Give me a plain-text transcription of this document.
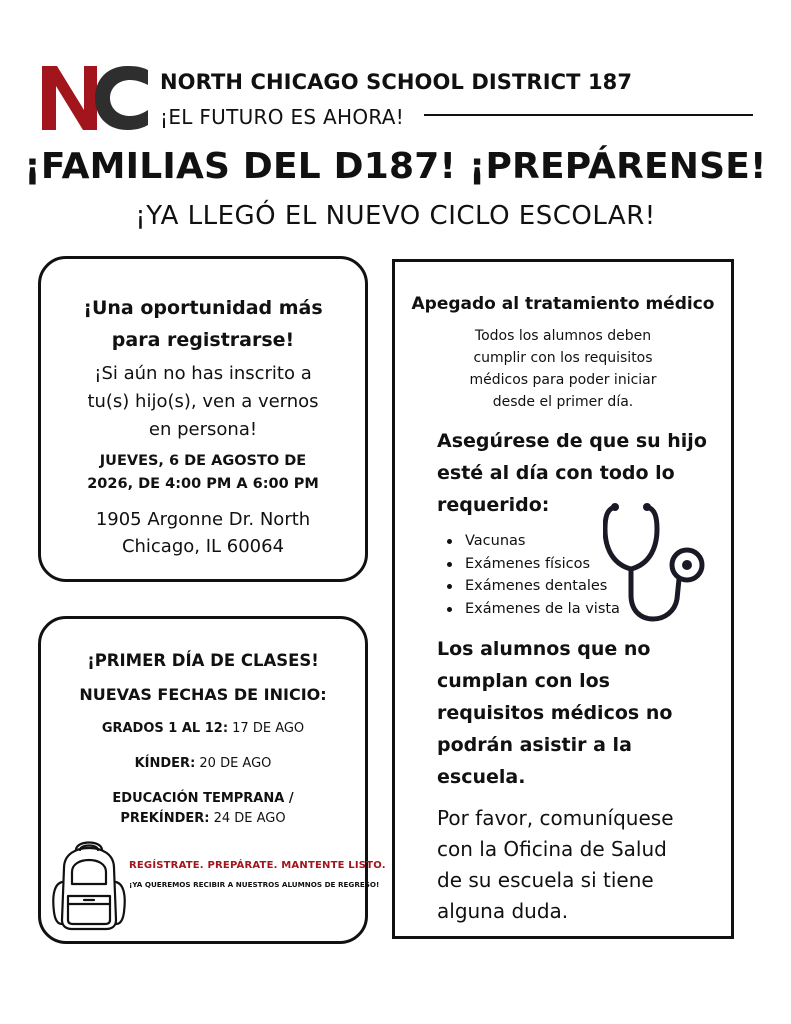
NORTH CHICAGO SCHOOL DISTRICT 187
¡EL FUTURO ES AHORA!
¡FAMILIAS DEL D187! ¡PREPÁRENSE!
¡YA LLEGÓ EL NUEVO CICLO ESCOLAR!
¡Una oportunidad más
para registrarse!
¡Si aún no has inscrito a
tu(s) hijo(s), ven a vernos
en persona!
JUEVES, 6 DE AGOSTO DE
2026, DE 4:00 PM A 6:00 PM
1905 Argonne Dr. North
Chicago, IL 60064
¡PRIMER DÍA DE CLASES!
NUEVAS FECHAS DE INICIO:
GRADOS 1 AL 12: 17 DE AGO
KÍNDER: 20 DE AGO
EDUCACIÓN TEMPRANA /
PREKÍNDER: 24 DE AGO
REGÍSTRATE. PREPÁRATE. MANTENTE LISTO.
¡YA QUEREMOS RECIBIR A NUESTROS ALUMNOS DE REGRESO!
Apegado al tratamiento médico
Todos los alumnos deben
cumplir con los requisitos
médicos para poder iniciar
desde el primer día.
Asegúrese de que su hijo
esté al día con todo lo
requerido:
Vacunas
Exámenes físicos
Exámenes dentales
Exámenes de la vista
Los alumnos que no
cumplan con los
requisitos médicos no
podrán asistir a la
escuela.
Por favor, comuníquese
con la Oficina de Salud
de su escuela si tiene
alguna duda.
